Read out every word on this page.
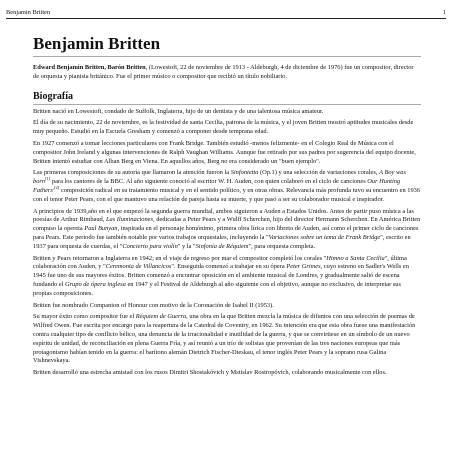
Benjamin Britten	1
Benjamin Britten

Edward Benjamin Britten, Barón Britten, (Lowestoft, 22 de noviembre de 1913 - Aldeburgh, 4 de diciembre de 1976) fue un compositor, director de orquesta y pianista británico. Fue el primer músico o compositor que recibió un título nobiliario.

Biografía

Britten nació en Lowestoft, condado de Suffolk, Inglaterra, hijo de un dentista y de una talentosa música amateur.

El día de su nacimiento, 22 de noviembre, es la festividad de santa Cecilia, patrona de la música, y el joven Britten mostró aptitudes musicales desde muy pequeño. Estudió en la Escuela Gresham y comenzó a componer desde temprana edad.

En 1927 comenzó a tomar lecciones particulares con Frank Bridge. También estudió -menos felizmente- en el Colegio Real de Música con el compositor John Ireland y algunas intervenciones de Ralph Vaughan Williams. Aunque fue retirado por sus padres por sugerencia del equipo docente, Britten intentó estudiar con Alban Berg en Viena. En aquellos años, Berg no era considerado un "buen ejemplo".

Las primeras composiciones de su autoría que llamaron la atención fueron la Sinfonietta (Op.1) y una selección de variaciones corales, A Boy was born[1] para los cantores de la BBC. Al año siguiente conoció al escritor W. H. Auden, con quien colaboró en el ciclo de canciones Our Hunting Fathers$^{,[2]}$ composición radical en su tratamiento musical y en el sentido político, y en otras obras. Relevancia más profunda tuvo su encuentro en 1936 con el tenor Peter Pears, con el que mantuvo una relación de pareja hasta su muerte, y que pasó a ser su colaborador musical e inspirador.

A principios de 1939,año en el que empezó la segunda guerra mundial, ambos siguieron a Auden a Estados Unidos. Antes de partir puso música a las poesías de Arthur Rimbaud, Las Iluminaciones, dedicadas a Peter Pears y a Wulff Scherchen, hijo del director Hermann Scherchen. En América Britten compuso la opereta Paul Bunyan, inspirada en el personaje homónimo, primera obra lírica con libreto de Auden, así como el primer ciclo de canciones para Pears. Este periodo fue también notable por varios trabajos orquestales, incluyendo la "Variaciones sobre un tema de Frank Bridge", escrito en 1937 para orquesta de cuerdas, el "Concierto para violín" y la "Sinfonía de Réquiem", para orquesta completa.

Britten y Pears retornaron a Inglaterra en 1942; en el viaje de regreso por mar el compositor completó los corales "Himno a Santa Cecilia", última colaboración con Auden, y "Ceremonia de Villancicos". Enseguida comenzó a trabajar en su ópera Peter Grimes, cuyo estreno en Sadler's Wells en 1945 fue uno de sus mayores éxitos. Britten comenzó a encontrar oposición en el ambiente musical de Londres, y gradualmente salió de escena fundando el Grupo de ópera inglesa en 1947 y el Festival de Aldeburgh al año siguiente con el objetivo, aunque no exclusivo, de interpretar sus propias composiciones.

Britten fue nombrado Companion of Honour con motivo de la Coronación de Isabel II (1953).

Su mayor éxito como compositor fue el Réquiem de Guerra, una obra en la que Britten mezcla la música de difuntos con una selección de poemas de Wilfred Owen. Fue escrita por encargo para la reapertura de la Catedral de Coventry, en 1962. Su intención era que esta obra fuese una manifestación contra cualquier tipo de conflicto bélico, una denuncia de la irracionalidad e inutilidad de la guerra, y que se convirtiese en un símbolo de un nuevo espíritu de unidad, de reconciliación en plena Guerra Fría, y así reunió a un trío de solistas que provenían de las tres naciones europeas que más protagonismo habían tenido en la guerra: el barítono alemán Dietrich Fischer-Dieskau, el tenor inglés Peter Pears y la soprano rusa Galina Vishnevskaya.

Britten desarrolló una estrecha amistad con los rusos Dimitri Shostakóvich y Mstislav Rostropóvich, colaborando musicalmente con ellos.
